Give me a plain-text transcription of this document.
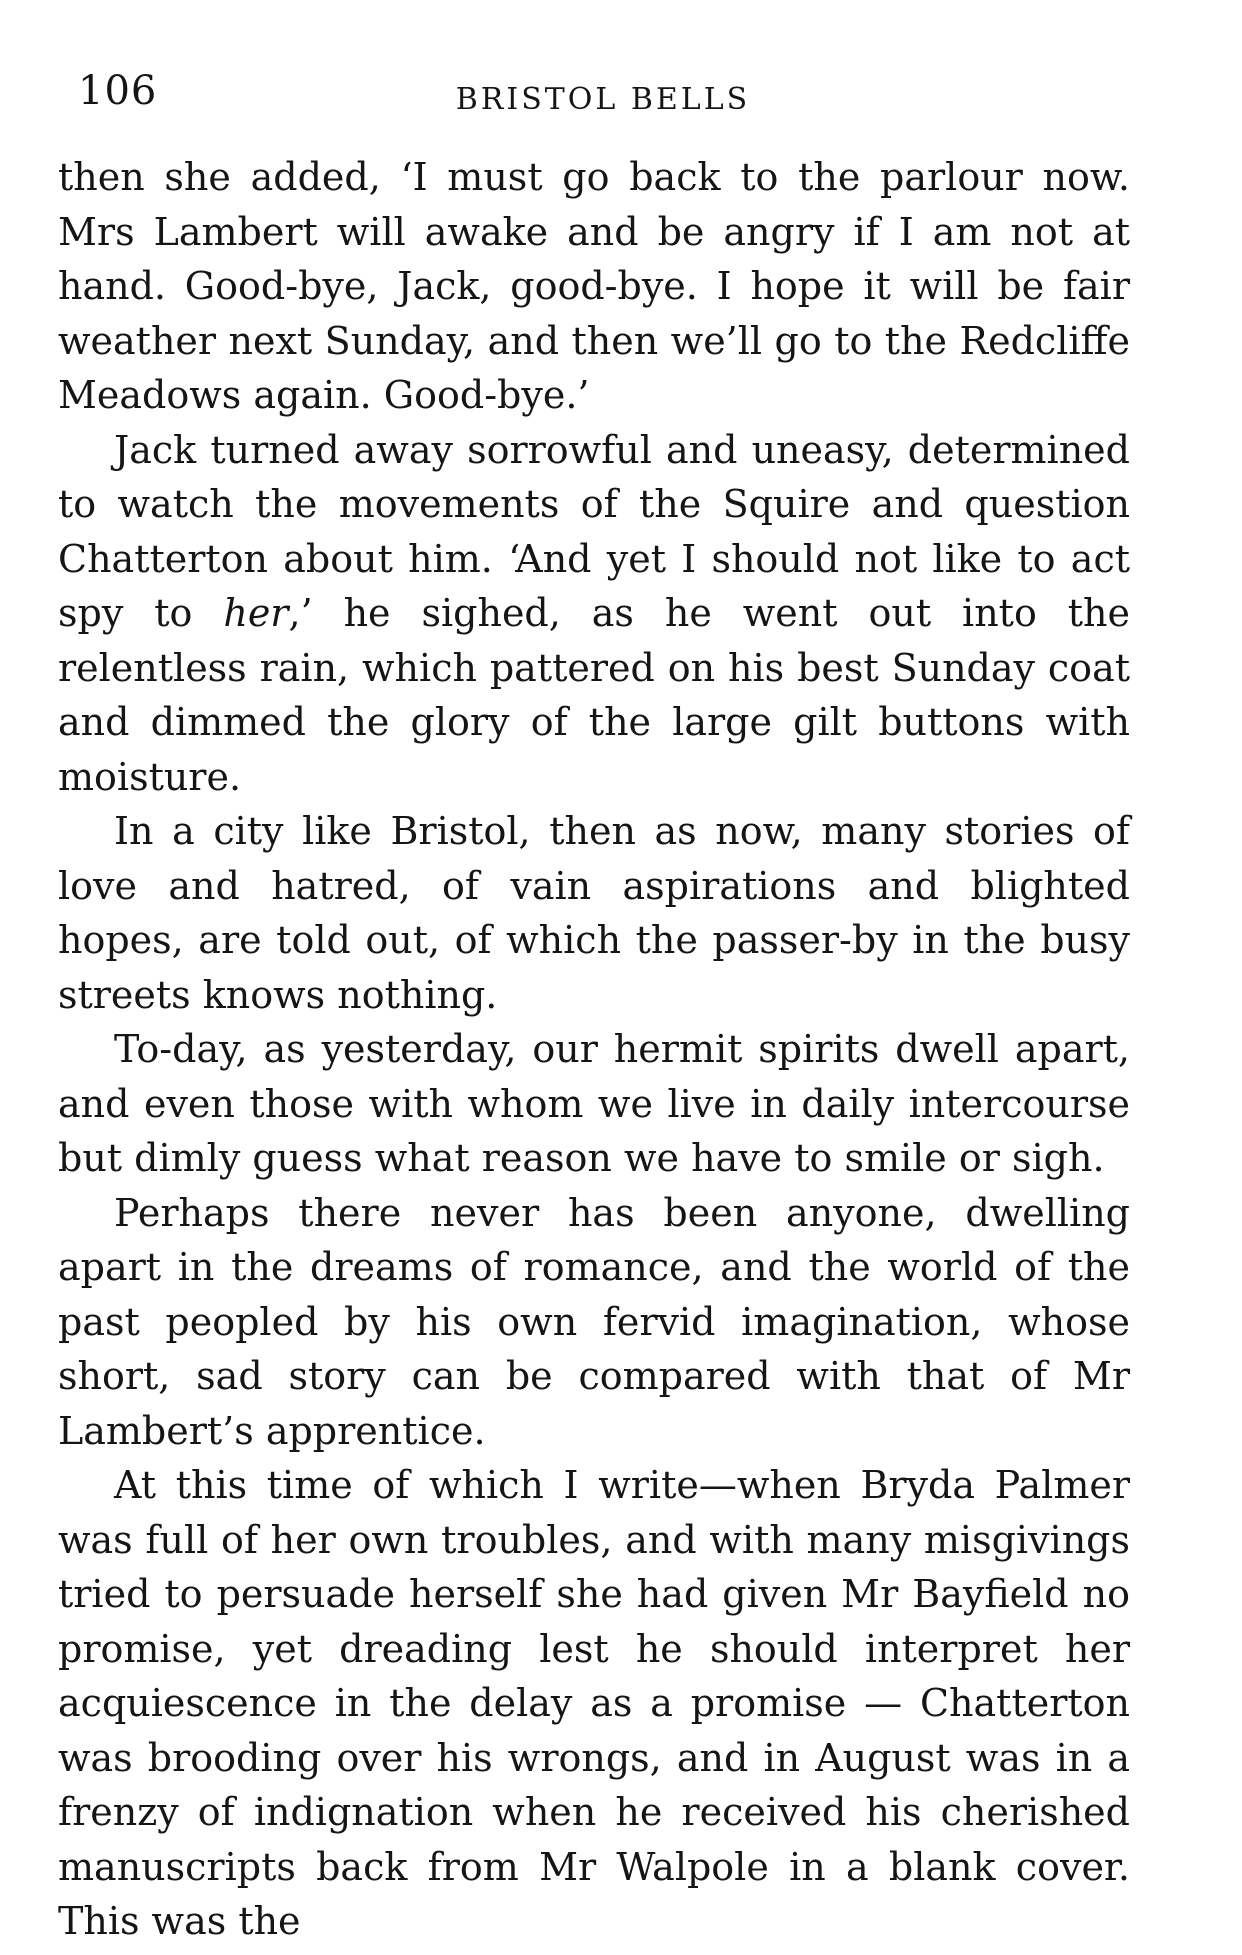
106	BRISTOL BELLS

then she added, ‘I must go back to the parlour now. Mrs Lambert will awake and be angry if I am not at hand. Good-bye, Jack, good-bye. I hope it will be fair weather next Sunday, and then we’ll go to the Redcliffe Meadows again. Good-bye.’

Jack turned away sorrowful and uneasy, determined to watch the movements of the Squire and question Chatterton about him. ‘And yet I should not like to act spy to her,’ he sighed, as he went out into the relentless rain, which pattered on his best Sunday coat and dimmed the glory of the large gilt buttons with moisture.

In a city like Bristol, then as now, many stories of love and hatred, of vain aspirations and blighted hopes, are told out, of which the passer-by in the busy streets knows nothing.

To-day, as yesterday, our hermit spirits dwell apart, and even those with whom we live in daily intercourse but dimly guess what reason we have to smile or sigh.

Perhaps there never has been anyone, dwelling apart in the dreams of romance, and the world of the past peopled by his own fervid imagination, whose short, sad story can be compared with that of Mr Lambert’s apprentice.

At this time of which I write—when Bryda Palmer was full of her own troubles, and with many misgivings tried to persuade herself she had given Mr Bayfield no promise, yet dreading lest he should interpret her acquiescence in the delay as a promise — Chatterton was brooding over his wrongs, and in August was in a frenzy of indignation when he received his cherished manuscripts back from Mr Walpole in a blank cover. This was the
